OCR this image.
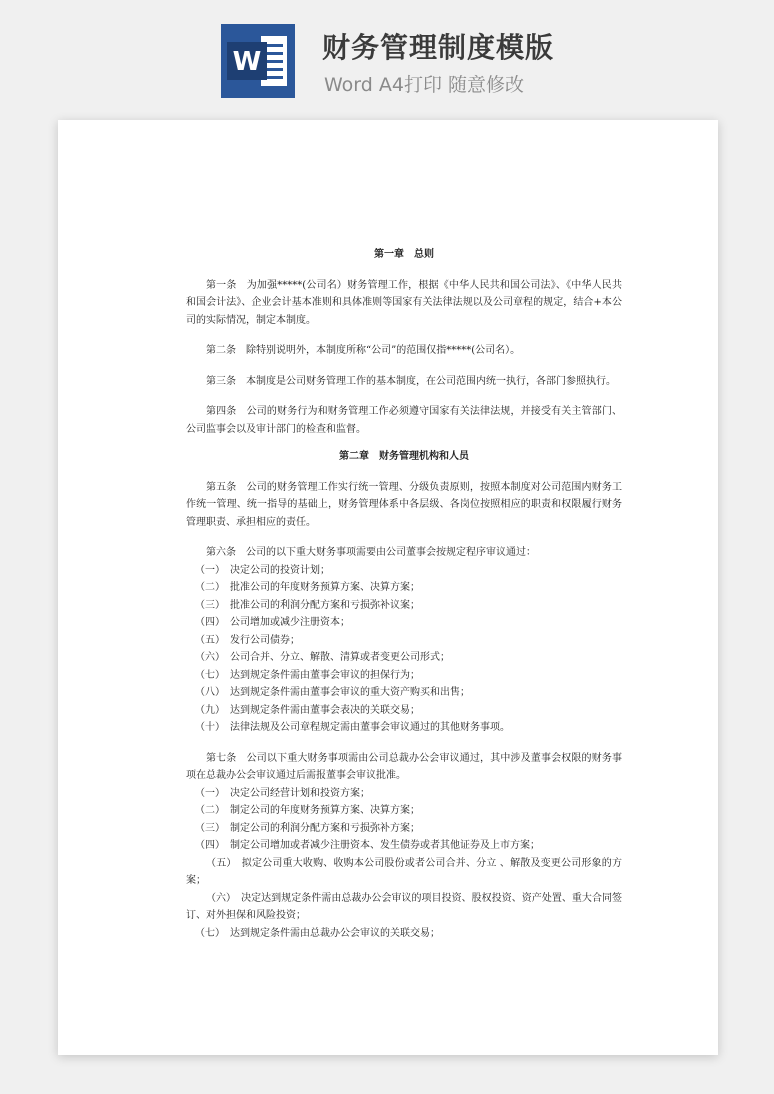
W 财务管理制度模版
Word A4打印 随意修改

第一章　总则

第一条　为加强*****(公司名）财务管理工作，根据《中华人民共和国公司法》、《中华人民共和国会计法》、企业会计基本准则和具体准则等国家有关法律法规以及公司章程的规定，结合+本公司的实际情况，制定本制度。

第二条　除特别说明外，本制度所称“公司”的范围仅指*****(公司名）。

第三条　本制度是公司财务管理工作的基本制度，在公司范围内统一执行，各部门参照执行。

第四条　公司的财务行为和财务管理工作必须遵守国家有关法律法规，并接受有关主管部门、公司监事会以及审计部门的检查和监督。

第二章　财务管理机构和人员

第五条　公司的财务管理工作实行统一管理、分级负责原则，按照本制度对公司范围内财务工作统一管理、统一指导的基础上，财务管理体系中各层级、各岗位按照相应的职责和权限履行财务管理职责、承担相应的责任。

第六条　公司的以下重大财务事项需要由公司董事会按规定程序审议通过：

（一）　决定公司的投资计划；

（二）　批准公司的年度财务预算方案、决算方案；

（三）　批准公司的利润分配方案和亏损弥补议案；

（四）　公司增加或减少注册资本；

（五）　发行公司债券；

（六）　公司合并、分立、解散、清算或者变更公司形式；

（七）　达到规定条件需由董事会审议的担保行为；

（八）　达到规定条件需由董事会审议的重大资产购买和出售；

（九）　达到规定条件需由董事会表决的关联交易；

（十）　法律法规及公司章程规定需由董事会审议通过的其他财务事项。

第七条　公司以下重大财务事项需由公司总裁办公会审议通过，其中涉及董事会权限的财务事项在总裁办公会审议通过后需报董事会审议批准。

（一）　决定公司经营计划和投资方案；

（二）　制定公司的年度财务预算方案、决算方案；

（三）　制定公司的利润分配方案和亏损弥补方案；

（四）　制定公司增加或者减少注册资本、发生债券或者其他证券及上市方案；

（五）　拟定公司重大收购、收购本公司股份或者公司合并、分立 、解散及变更公司形象的方案；

（六）　决定达到规定条件需由总裁办公会审议的项目投资、股权投资、资产处置、重大合同签订、对外担保和风险投资；

（七）　达到规定条件需由总裁办公会审议的关联交易；
